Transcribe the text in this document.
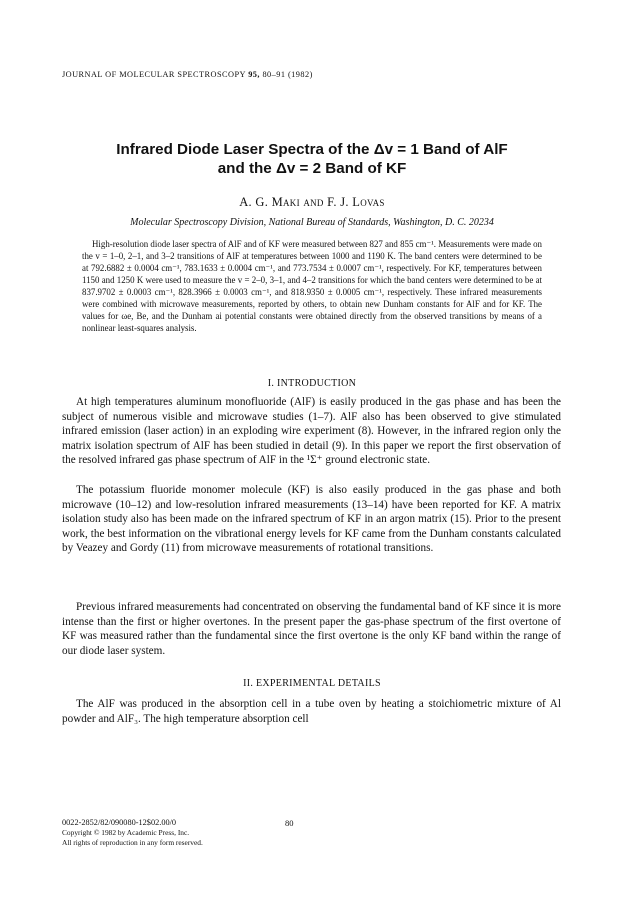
JOURNAL OF MOLECULAR SPECTROSCOPY 95, 80–91 (1982)
Infrared Diode Laser Spectra of the Δv = 1 Band of AlF
and the Δv = 2 Band of KF
A. G. Maki and F. J. Lovas
Molecular Spectroscopy Division, National Bureau of Standards, Washington, D. C. 20234

High-resolution diode laser spectra of AlF and of KF were measured between 827 and 855 cm⁻¹. Measurements were made on the v = 1–0, 2–1, and 3–2 transitions of AlF at temperatures between 1000 and 1190 K. The band centers were determined to be at 792.6882 ± 0.0004 cm⁻¹, 783.1633 ± 0.0004 cm⁻¹, and 773.7534 ± 0.0007 cm⁻¹, respectively. For KF, temperatures between 1150 and 1250 K were used to measure the v = 2–0, 3–1, and 4–2 transitions for which the band centers were determined to be at 837.9702 ± 0.0003 cm⁻¹, 828.3966 ± 0.0003 cm⁻¹, and 818.9350 ± 0.0005 cm⁻¹, respectively. These infrared measurements were combined with microwave measurements, reported by others, to obtain new Dunham constants for AlF and for KF. The values for ωe, Be, and the Dunham ai potential constants were obtained directly from the observed transitions by means of a nonlinear least-squares analysis.

I. INTRODUCTION

At high temperatures aluminum monofluoride (AlF) is easily produced in the gas phase and has been the subject of numerous visible and microwave studies (1–7). AlF also has been observed to give stimulated infrared emission (laser action) in an exploding wire experiment (8). However, in the infrared region only the matrix isolation spectrum of AlF has been studied in detail (9). In this paper we report the first observation of the resolved infrared gas phase spectrum of AlF in the ¹Σ⁺ ground electronic state.

The potassium fluoride monomer molecule (KF) is also easily produced in the gas phase and both microwave (10–12) and low-resolution infrared measurements (13–14) have been reported for KF. A matrix isolation study also has been made on the infrared spectrum of KF in an argon matrix (15). Prior to the present work, the best information on the vibrational energy levels for KF came from the Dunham constants calculated by Veazey and Gordy (11) from microwave measurements of rotational transitions.

Previous infrared measurements had concentrated on observing the fundamental band of KF since it is more intense than the first or higher overtones. In the present paper the gas-phase spectrum of the first overtone of KF was measured rather than the fundamental since the first overtone is the only KF band within the range of our diode laser system.

II. EXPERIMENTAL DETAILS

The AlF was produced in the absorption cell in a tube oven by heating a stoichiometric mixture of Al powder and AlF₃. The high temperature absorption cell

0022-2852/82/090080-12$02.00/0
Copyright © 1982 by Academic Press, Inc.
All rights of reproduction in any form reserved.
80
